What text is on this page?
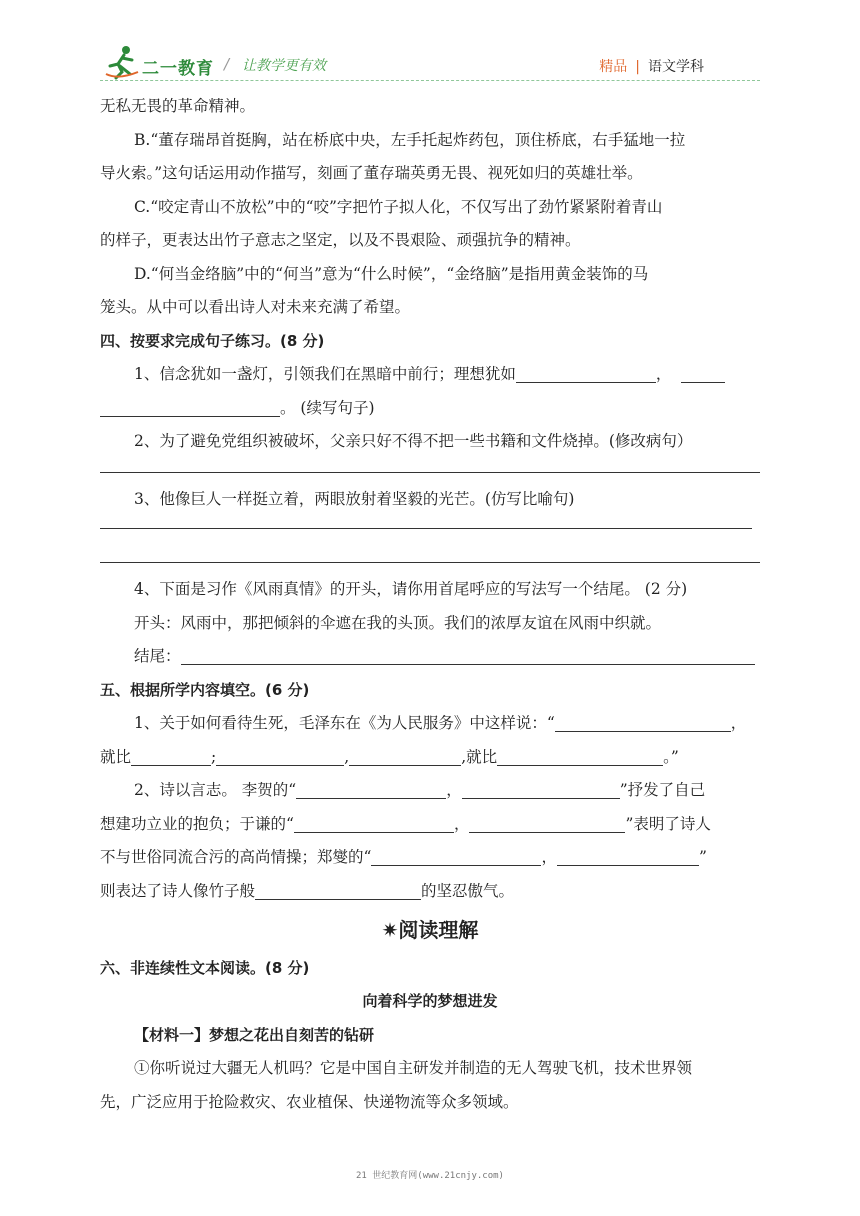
二一教育 / 让教学更有效	精品 | 语文学科

无私无畏的革命精神。

B.“董存瑞昂首挺胸，站在桥底中央，左手托起炸药包，顶住桥底，右手猛地一拉

导火索。”这句话运用动作描写，刻画了董存瑞英勇无畏、视死如归的英雄壮举。

C.“咬定青山不放松”中的“咬”字把竹子拟人化，不仅写出了劲竹紧紧附着青山

的样子，更表达出竹子意志之坚定，以及不畏艰险、顽强抗争的精神。

D.“何当金络脑”中的“何当”意为“什么时候”，“金络脑”是指用黄金装饰的马

笼头。从中可以看出诗人对未来充满了希望。

四、按要求完成句子练习。(8 分)

1、信念犹如一盏灯，引领我们在黑暗中前行；理想犹如	，

。 (续写句子)

2、为了避免党组织被破坏，父亲只好不得不把一些书籍和文件烧掉。(修改病句）

3、他像巨人一样挺立着，两眼放射着坚毅的光芒。(仿写比喻句)

4、下面是习作《风雨真情》的开头，请你用首尾呼应的写法写一个结尾。 (2 分)

开头：风雨中，那把倾斜的伞遮在我的头顶。我们的浓厚友谊在风雨中织就。

结尾：

五、根据所学内容填空。(6 分)

1、关于如何看待生死，毛泽东在《为人民服务》中这样说：“	，

就比	;	,	,就比	。”

2、诗以言志。 李贺的“	，	”抒发了自己

想建功立业的抱负；于谦的“	，	”表明了诗人

不与世俗同流合污的高尚情操；郑燮的“	，	”

则表达了诗人像竹子般	的坚忍傲气。

✷阅读理解

六、非连续性文本阅读。(8 分)

向着科学的梦想进发

【材料一】梦想之花出自刻苦的钻研

①你听说过大疆无人机吗？它是中国自主研发并制造的无人驾驶飞机，技术世界领

先，广泛应用于抢险救灾、农业植保、快递物流等众多领域。

21 世纪教育网(www.21cnjy.com)
